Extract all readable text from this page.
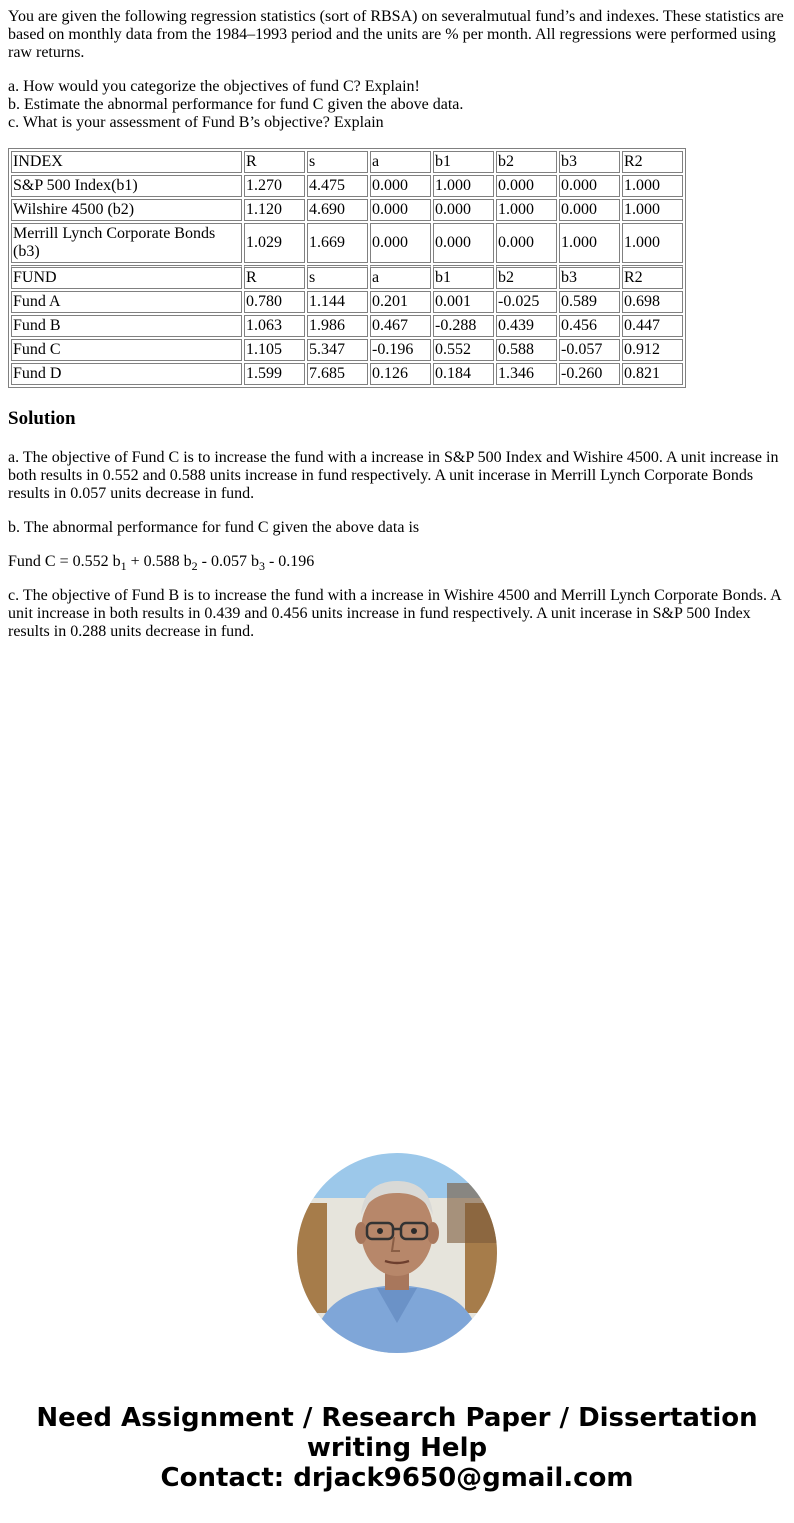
You are given the following regression statistics (sort of RBSA) on severalmutual fund’s and indexes. These statistics are based on monthly data from the 1984–1993 period and the units are % per month. All regressions were performed using raw returns.

a. How would you categorize the objectives of fund C? Explain!
b. Estimate the abnormal performance for fund C given the above data.
c. What is your assessment of Fund B’s objective? Explain
INDEX	R	s	a	b1	b2	b3	R2
S&P 500 Index(b1)	1.270	4.475	0.000	1.000	0.000	0.000	1.000
Wilshire 4500 (b2)	1.120	4.690	0.000	0.000	1.000	0.000	1.000
Merrill Lynch Corporate Bonds (b3)	1.029	1.669	0.000	0.000	0.000	1.000	1.000
FUND	R	s	a	b1	b2	b3	R2
Fund A	0.780	1.144	0.201	0.001	-0.025	0.589	0.698
Fund B	1.063	1.986	0.467	-0.288	0.439	0.456	0.447
Fund C	1.105	5.347	-0.196	0.552	0.588	-0.057	0.912
Fund D	1.599	7.685	0.126	0.184	1.346	-0.260	0.821
Solution

a. The objective of Fund C is to increase the fund with a increase in S&P 500 Index and Wishire 4500. A unit increase in both results in 0.552 and 0.588 units increase in fund respectively. A unit incerase in Merrill Lynch Corporate Bonds results in 0.057 units decrease in fund.

b. The abnormal performance for fund C given the above data is

Fund C = 0.552 $b_1 + 0.588$ $b_2 - 0.057$ $b_3 - 0.196$

c. The objective of Fund B is to increase the fund with a increase in Wishire 4500 and Merrill Lynch Corporate Bonds. A unit increase in both results in 0.439 and 0.456 units increase in fund respectively. A unit incerase in S&P 500 Index results in 0.288 units decrease in fund.

Need Assignment / Research Paper / Dissertation writing Help
Contact: drjack9650@gmail.com
